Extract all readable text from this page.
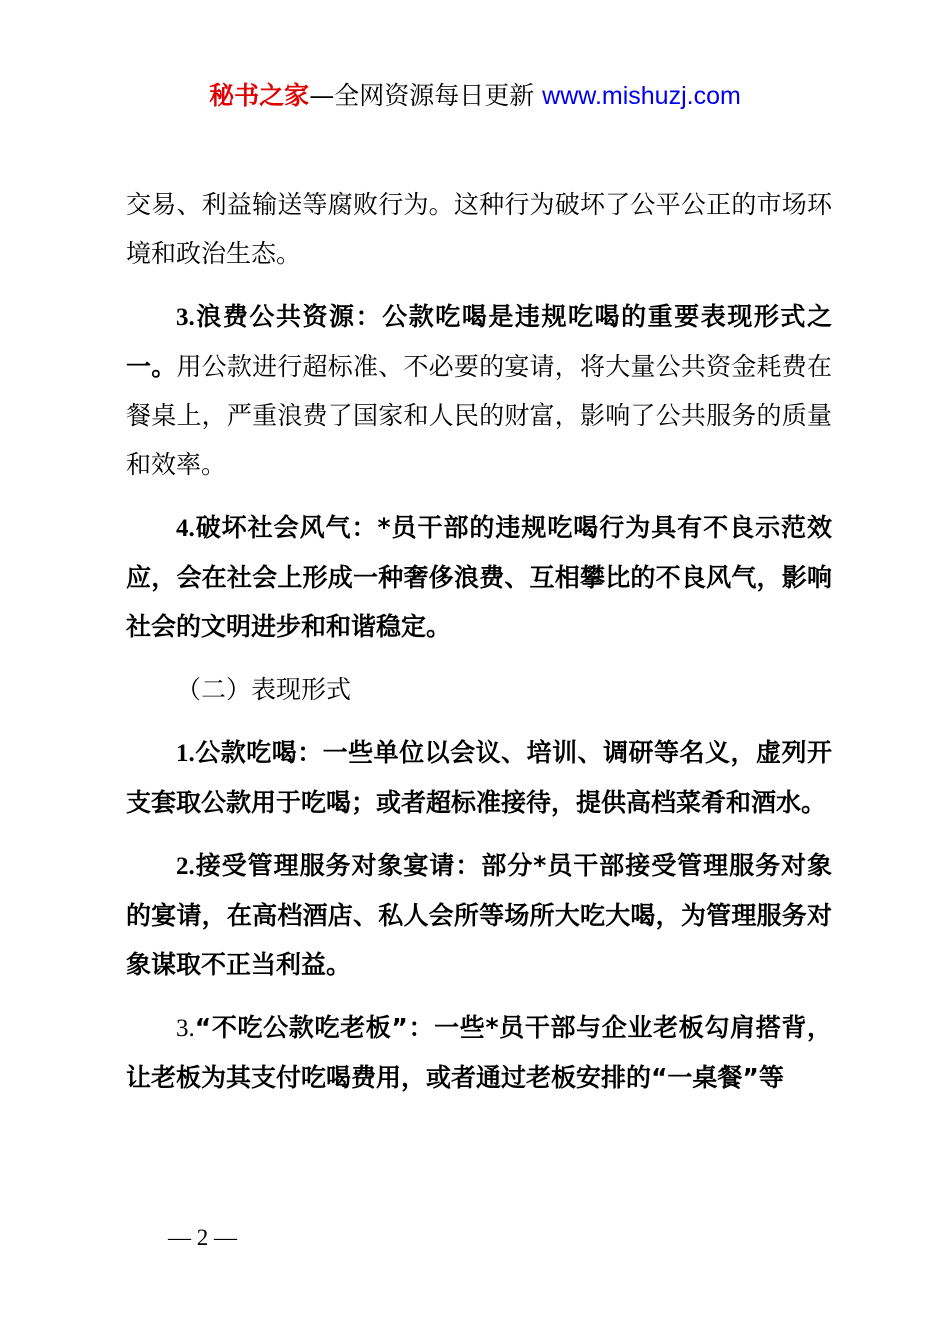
秘书之家—全网资源每日更新 www.mishuzj.com

交易、利益输送等腐败行为。这种行为破坏了公平公正的市场环境和政治生态。

3.浪费公共资源：公款吃喝是违规吃喝的重要表现形式之一。用公款进行超标准、不必要的宴请，将大量公共资金耗费在餐桌上，严重浪费了国家和人民的财富，影响了公共服务的质量和效率。

4.破坏社会风气：*员干部的违规吃喝行为具有不良示范效应，会在社会上形成一种奢侈浪费、互相攀比的不良风气，影响社会的文明进步和和谐稳定。

（二）表现形式

1.公款吃喝：一些单位以会议、培训、调研等名义，虚列开支套取公款用于吃喝；或者超标准接待，提供高档菜肴和酒水。

2.接受管理服务对象宴请：部分*员干部接受管理服务对象的宴请，在高档酒店、私人会所等场所大吃大喝，为管理服务对象谋取不正当利益。

3.“不吃公款吃老板”：一些*员干部与企业老板勾肩搭背，让老板为其支付吃喝费用，或者通过老板安排的“一桌餐”等

— 2 —
